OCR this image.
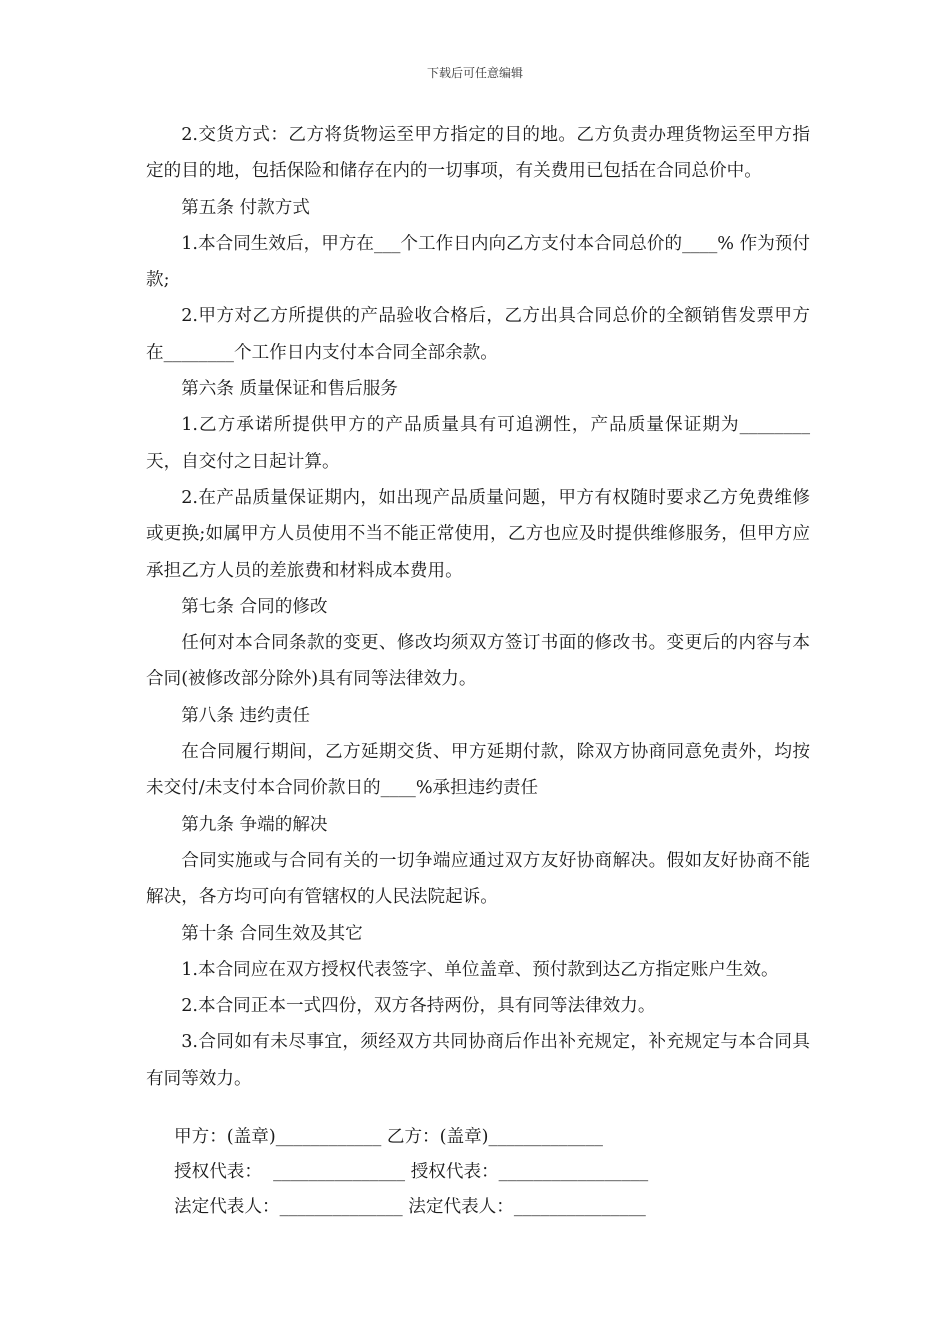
下载后可任意编辑

2.交货方式：乙方将货物运至甲方指定的目的地。乙方负责办理货物运至甲方指定的目的地，包括保险和储存在内的一切事项，有关费用已包括在合同总价中。

第五条 付款方式

1.本合同生效后，甲方在___个工作日内向乙方支付本合同总价的____% 作为预付款;

2.甲方对乙方所提供的产品验收合格后，乙方出具合同总价的全额销售发票甲方在________个工作日内支付本合同全部余款。

第六条 质量保证和售后服务

1.乙方承诺所提供甲方的产品质量具有可追溯性，产品质量保证期为________天，自交付之日起计算。

2.在产品质量保证期内，如出现产品质量问题，甲方有权随时要求乙方免费维修或更换;如属甲方人员使用不当不能正常使用，乙方也应及时提供维修服务，但甲方应承担乙方人员的差旅费和材料成本费用。

第七条 合同的修改

任何对本合同条款的变更、修改均须双方签订书面的修改书。变更后的内容与本合同(被修改部分除外)具有同等法律效力。

第八条 违约责任

在合同履行期间，乙方延期交货、甲方延期付款，除双方协商同意免责外，均按未交付/未支付本合同价款日的____%承担违约责任

第九条 争端的解决

合同实施或与合同有关的一切争端应通过双方友好协商解决。假如友好协商不能解决，各方均可向有管辖权的人民法院起诉。

第十条 合同生效及其它

1.本合同应在双方授权代表签字、单位盖章、预付款到达乙方指定账户生效。

2.本合同正本一式四份，双方各持两份，具有同等法律效力。

3.合同如有未尽事宜，须经双方共同协商后作出补充规定，补充规定与本合同具有同等效力。

甲方：(盖章)____________ 乙方：(盖章)_____________
授权代表：  _______________ 授权代表：_________________
法定代表人：______________ 法定代表人：_______________
